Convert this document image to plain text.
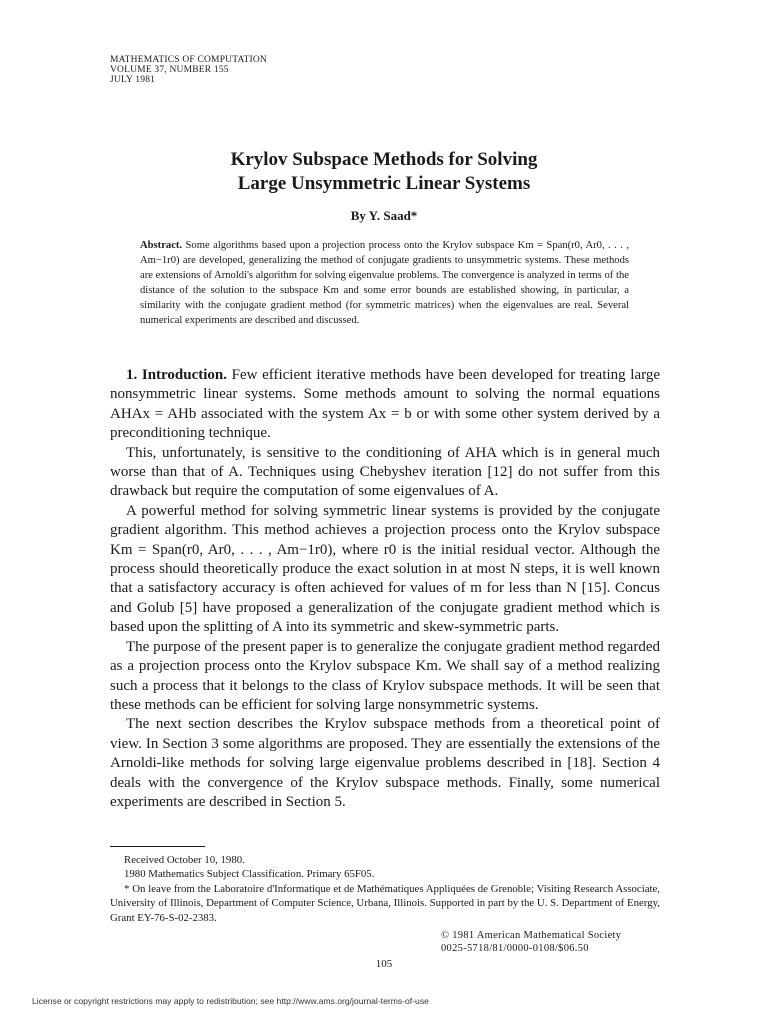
MATHEMATICS OF COMPUTATION
VOLUME 37, NUMBER 155
JULY 1981
Krylov Subspace Methods for Solving
Large Unsymmetric Linear Systems
By Y. Saad*
Abstract. Some algorithms based upon a projection process onto the Krylov subspace Km = Span(r0, Ar0, . . . , Am−1r0) are developed, generalizing the method of conjugate gradients to unsymmetric systems. These methods are extensions of Arnoldi's algorithm for solving eigenvalue problems. The convergence is analyzed in terms of the distance of the solution to the subspace Km and some error bounds are established showing, in particular, a similarity with the conjugate gradient method (for symmetric matrices) when the eigenvalues are real. Several numerical experiments are described and discussed.

1. Introduction. Few efficient iterative methods have been developed for treating large nonsymmetric linear systems. Some methods amount to solving the normal equations AHAx = AHb associated with the system Ax = b or with some other system derived by a preconditioning technique.

This, unfortunately, is sensitive to the conditioning of AHA which is in general much worse than that of A. Techniques using Chebyshev iteration [12] do not suffer from this drawback but require the computation of some eigenvalues of A.

A powerful method for solving symmetric linear systems is provided by the conjugate gradient algorithm. This method achieves a projection process onto the Krylov subspace Km = Span(r0, Ar0, . . . , Am−1r0), where r0 is the initial residual vector. Although the process should theoretically produce the exact solution in at most N steps, it is well known that a satisfactory accuracy is often achieved for values of m for less than N [15]. Concus and Golub [5] have proposed a generalization of the conjugate gradient method which is based upon the splitting of A into its symmetric and skew-symmetric parts.

The purpose of the present paper is to generalize the conjugate gradient method regarded as a projection process onto the Krylov subspace Km. We shall say of a method realizing such a process that it belongs to the class of Krylov subspace methods. It will be seen that these methods can be efficient for solving large nonsymmetric systems.

The next section describes the Krylov subspace methods from a theoretical point of view. In Section 3 some algorithms are proposed. They are essentially the extensions of the Arnoldi-like methods for solving large eigenvalue problems described in [18]. Section 4 deals with the convergence of the Krylov subspace methods. Finally, some numerical experiments are described in Section 5.

Received October 10, 1980.

1980 Mathematics Subject Classification. Primary 65F05.

* On leave from the Laboratoire d'Informatique et de Mathématiques Appliquées de Grenoble; Visiting Research Associate, University of Illinois, Department of Computer Science, Urbana, Illinois. Supported in part by the U. S. Department of Energy, Grant EY-76-S-02-2383.

© 1981 American Mathematical Society
0025-5718/81/0000-0108/$06.50
105
License or copyright restrictions may apply to redistribution; see http://www.ams.org/journal-terms-of-use
